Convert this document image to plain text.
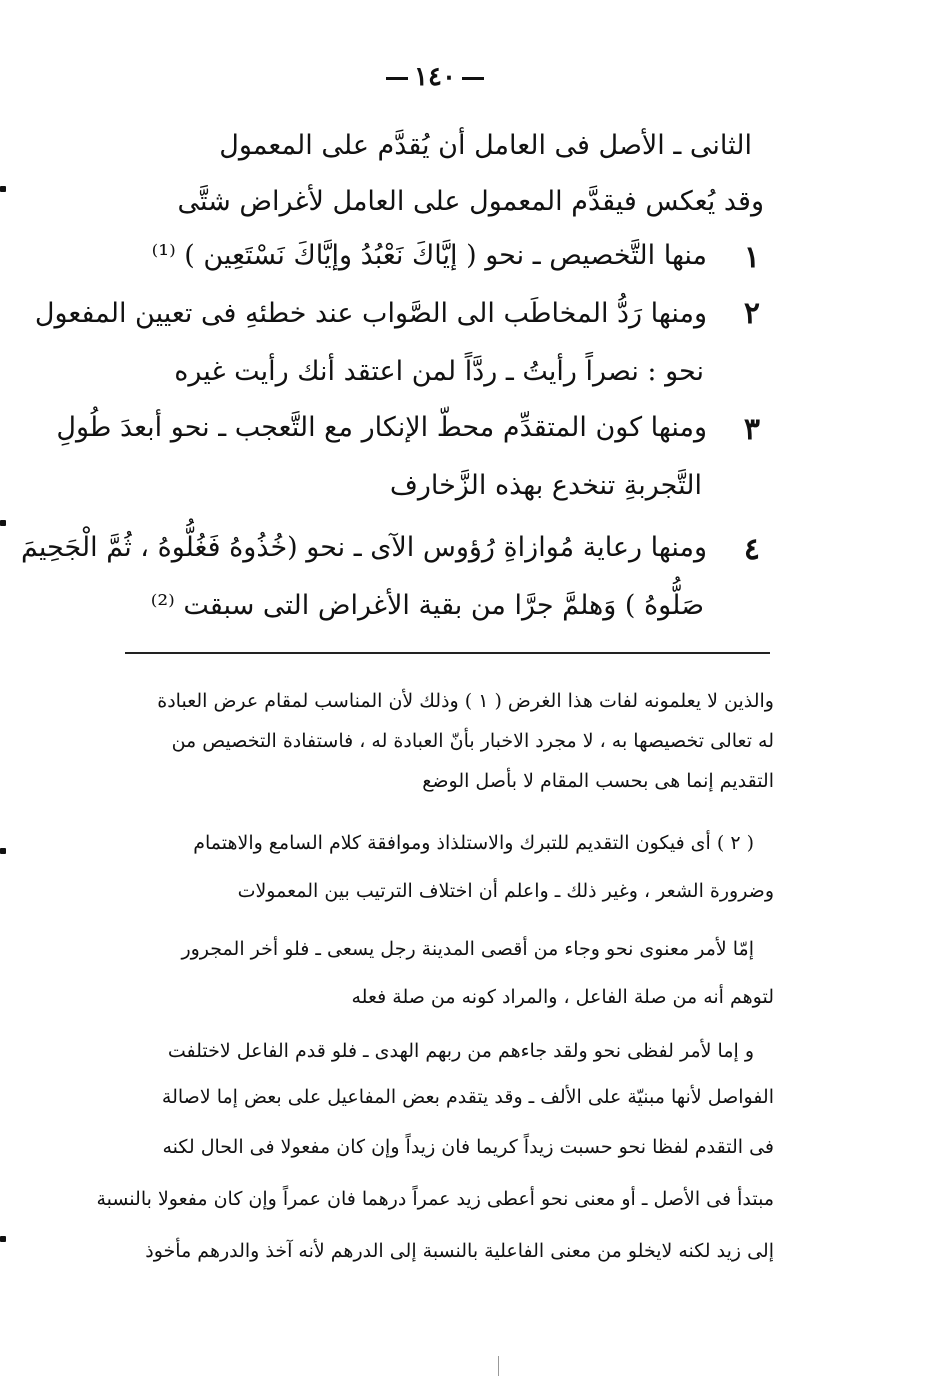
١٤٠
الثانى ـ الأصل فى العامل أن يُقدَّم على المعمول
وقد يُعكس فيقدَّم المعمول على العامل لأغراض شتَّى
١
منها التَّخصيص ـ نحو ( إيَّاكَ نَعْبُدُ وإيَّاكَ نَسْتَعِين ) ⁽¹⁾
٢
ومنها رَدُّ المخاطَب الى الصَّواب عند خطئهِ فى تعيين المفعول
نحو : نصراً رأيتُ ـ ردَّاً لمن اعتقد أنك رأيت غيره
٣
ومنها كون المتقدِّم محطّ الإنكار مع التَّعجب ـ نحو أبعدَ طُولِ
التَّجربةِ تنخدع بهذه الزَّخارف
٤
ومنها رعاية مُوازاةِ رُؤوس الآى ـ نحو (خُذُوهُ فَغُلُّوهُ ، ثُمَّ الْجَحِيمَ
صَلُّوهُ ) وَهلمَّ جرَّا من بقية الأغراض التى سبقت ⁽²⁾
والذين لا يعلمونه لفات هذا الغرض ( ١ ) وذلك لأن المناسب لمقام عرض العبادة
له تعالى تخصيصها به ، لا مجرد الاخبار بأنّ العبادة له ، فاستفادة التخصيص من
التقديم إنما هى بحسب المقام لا بأصل الوضع
( ٢ ) أى فيكون التقديم للتبرك والاستلذاذ وموافقة كلام السامع والاهتمام
وضرورة الشعر ، وغير ذلك ـ واعلم أن اختلاف الترتيب بين المعمولات
إمّا لأمر معنوى نحو وجاء من أقصى المدينة رجل يسعى ـ فلو أخر المجرور
لتوهم أنه من صلة الفاعل ، والمراد كونه من صلة فعله
و إما لأمر لفظى نحو ولقد جاءهم من ربهم الهدى ـ فلو قدم الفاعل لاختلفت
الفواصل لأنها مبنيّة على الألف ـ وقد يتقدم بعض المفاعيل على بعض إما لاصالة
فى التقدم لفظا نحو حسبت زيداً كريما فان زيداً وإن كان مفعولا فى الحال لكنه
مبتدأ فى الأصل ـ أو معنى نحو أعطى زيد عمراً درهما فان عمراً وإن كان مفعولا بالنسبة
إلى زيد لكنه لايخلو من معنى الفاعلية بالنسبة إلى الدرهم لأنه آخذ والدرهم مأخوذ
